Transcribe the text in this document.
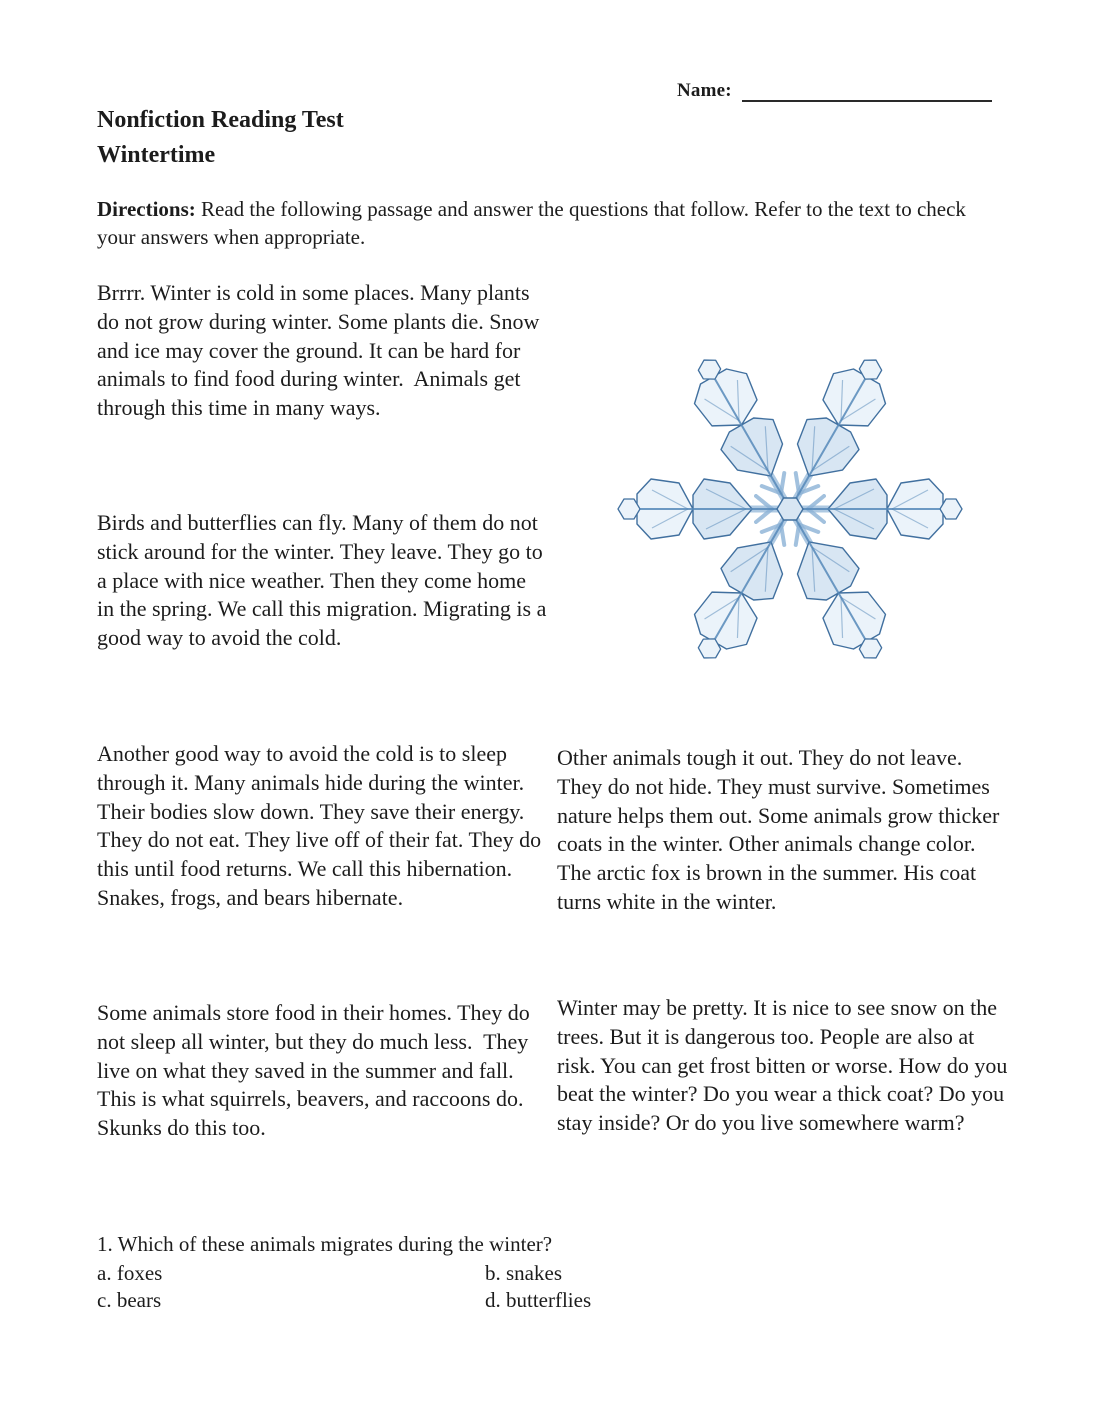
Name:
Nonfiction Reading Test
Wintertime

Directions: Read the following passage and answer the questions that follow. Refer to the text to check your answers when appropriate.

Brrrr. Winter is cold in some places. Many plants do not grow during winter. Some plants die. Snow and ice may cover the ground. It can be hard for animals to find food during winter.  Animals get through this time in many ways.

Birds and butterflies can fly. Many of them do not stick around for the winter. They leave. They go to a place with nice weather. Then they come home in the spring. We call this migration. Migrating is a good way to avoid the cold.

Another good way to avoid the cold is to sleep through it. Many animals hide during the winter. Their bodies slow down. They save their energy. They do not eat. They live off of their fat. They do this until food returns. We call this hibernation. Snakes, frogs, and bears hibernate.

Some animals store food in their homes. They do not sleep all winter, but they do much less.  They live on what they saved in the summer and fall. This is what squirrels, beavers, and raccoons do. Skunks do this too.

Other animals tough it out. They do not leave. They do not hide. They must survive. Sometimes nature helps them out. Some animals grow thicker coats in the winter. Other animals change color. The arctic fox is brown in the summer. His coat turns white in the winter.

Winter may be pretty. It is nice to see snow on the trees. But it is dangerous too. People are also at risk. You can get frost bitten or worse. How do you beat the winter? Do you wear a thick coat? Do you stay inside? Or do you live somewhere warm?

1. Which of these animals migrates during the winter?

a. foxes	b. snakes
c. bears	d. butterflies
